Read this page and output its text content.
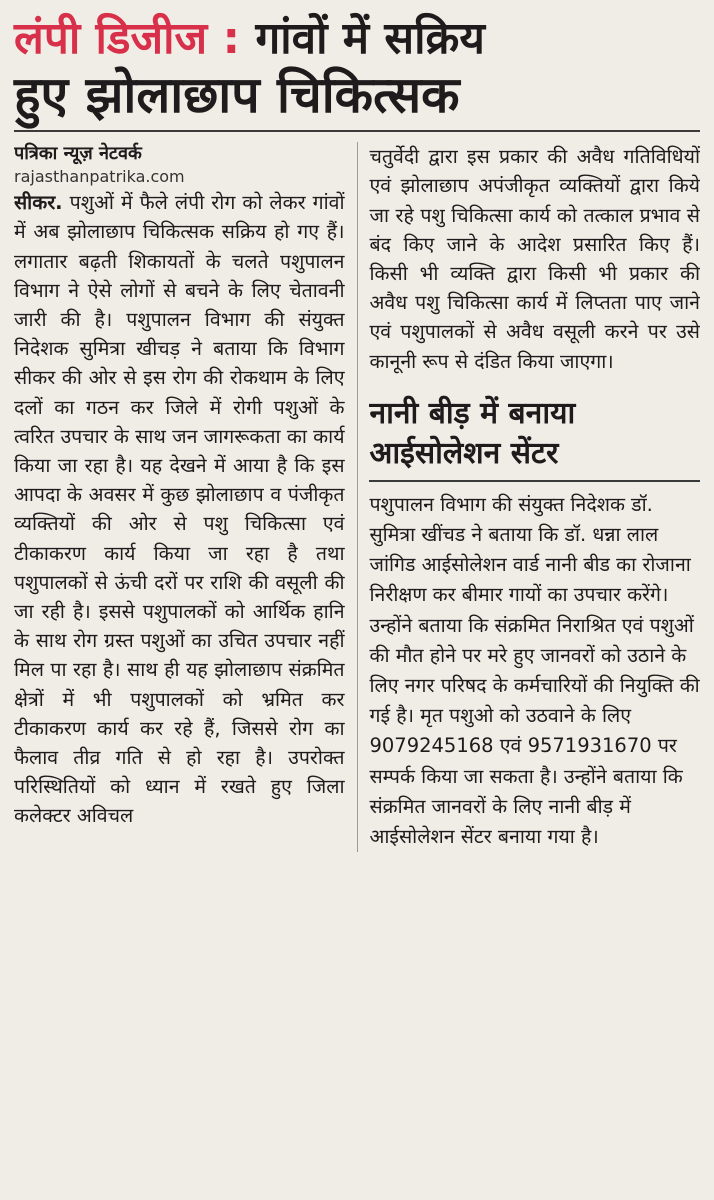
लंपी डिजीज : गांवों में सक्रिय
हुए झोलाछाप चिकित्सक
पत्रिका न्यूज़ नेटवर्क
rajasthanpatrika.com

सीकर. पशुओं में फैले लंपी रोग को लेकर गांवों में अब झोलाछाप चिकित्सक सक्रिय हो गए हैं। लगातार बढ़ती शिकायतों के चलते पशुपालन विभाग ने ऐसे लोगों से बचने के लिए चेतावनी जारी की है। पशुपालन विभाग की संयुक्त निदेशक सुमित्रा खीचड़ ने बताया कि विभाग सीकर की ओर से इस रोग की रोकथाम के लिए दलों का गठन कर जिले में रोगी पशुओं के त्वरित उपचार के साथ जन जागरूकता का कार्य किया जा रहा है। यह देखने में आया है कि इस आपदा के अवसर में कुछ झोलाछाप व पंजीकृत व्यक्तियों की ओर से पशु चिकित्सा एवं टीकाकरण कार्य किया जा रहा है तथा पशुपालकों से ऊंची दरों पर राशि की वसूली की जा रही है। इससे पशुपालकों को आर्थिक हानि के साथ रोग ग्रस्त पशुओं का उचित उपचार नहीं मिल पा रहा है। साथ ही यह झोलाछाप संक्रमित क्षेत्रों में भी पशुपालकों को भ्रमित कर टीकाकरण कार्य कर रहे हैं, जिससे रोग का फैलाव तीव्र गति से हो रहा है। उपरोक्त परिस्थितियों को ध्यान में रखते हुए जिला कलेक्टर अविचल

चतुर्वेदी द्वारा इस प्रकार की अवैध गतिविधियों एवं झोलाछाप अपंजीकृत व्यक्तियों द्वारा किये जा रहे पशु चिकित्सा कार्य को तत्काल प्रभाव से बंद किए जाने के आदेश प्रसारित किए हैं। किसी भी व्यक्ति द्वारा किसी भी प्रकार की अवैध पशु चिकित्सा कार्य में लिप्तता पाए जाने एवं पशुपालकों से अवैध वसूली करने पर उसे कानूनी रूप से दंडित किया जाएगा।

नानी बीड़ में बनाया
आईसोलेशन सेंटर

पशुपालन विभाग की संयुक्त निदेशक डॉ. सुमित्रा खींचड ने बताया कि डॉ. धन्ना लाल जांगिड आईसोलेशन वार्ड नानी बीड का रोजाना निरीक्षण कर बीमार गायों का उपचार करेंगे। उन्होंने बताया कि संक्रमित निराश्रित एवं पशुओं की मौत होने पर मरे हुए जानवरों को उठाने के लिए नगर परिषद के कर्मचारियों की नियुक्ति की गई है। मृत पशुओ को उठवाने के लिए 9079245168 एवं 9571931670 पर सम्पर्क किया जा सकता है। उन्होंने बताया कि संक्रमित जानवरों के लिए नानी बीड़ में आईसोलेशन सेंटर बनाया गया है।
